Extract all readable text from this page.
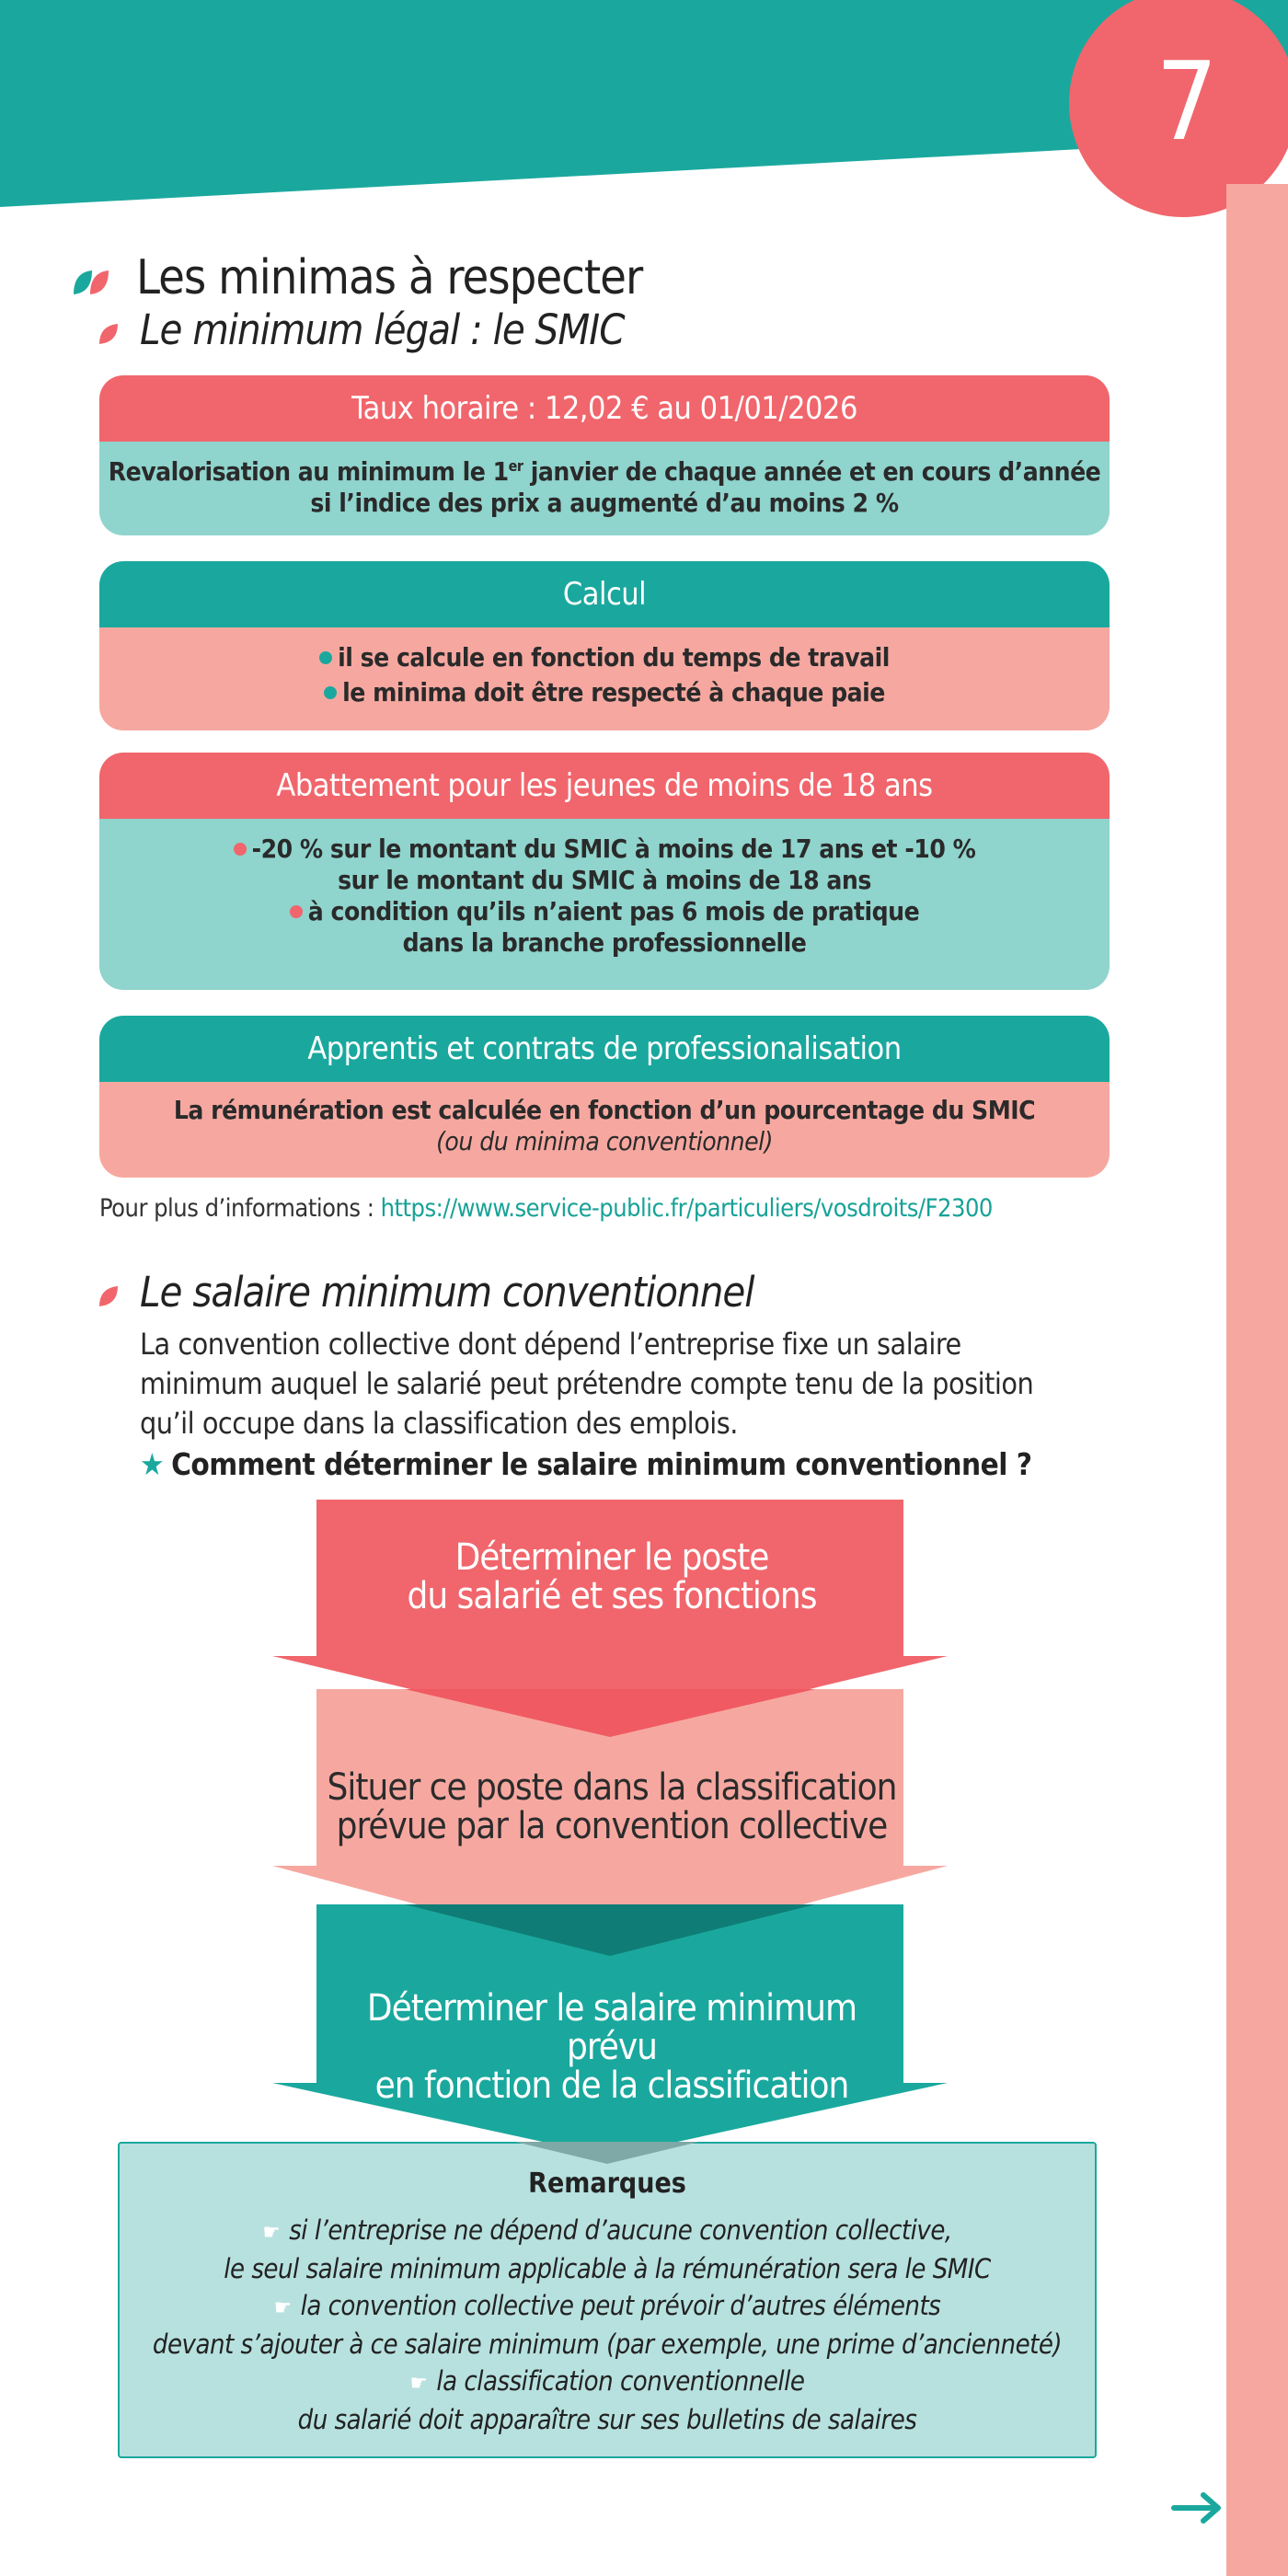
7
Les minimas à respecter
Le minimum légal : le SMIC
Taux horaire : 12,02 € au 01/01/2026
Revalorisation au minimum le 1er janvier de chaque année et en cours d’année
si l’indice des prix a augmenté d’au moins 2 %
Calcul
il se calcule en fonction du temps de travail
le minima doit être respecté à chaque paie
Abattement pour les jeunes de moins de 18 ans
-20 % sur le montant du SMIC à moins de 17 ans et -10 %
sur le montant du SMIC à moins de 18 ans
à condition qu’ils n’aient pas 6 mois de pratique
dans la branche professionnelle
Apprentis et contrats de professionalisation
La rémunération est calculée en fonction d’un pourcentage du SMIC
(ou du minima conventionnel)
Pour plus d’informations : https://www.service-public.fr/particuliers/vosdroits/F2300
Le salaire minimum conventionnel
La convention collective dont dépend l’entreprise fixe un salaire
minimum auquel le salarié peut prétendre compte tenu de la position
qu’il occupe dans la classification des emplois.
★ Comment déterminer le salaire minimum conventionnel ?
Déterminer le poste
du salarié et ses fonctions
Situer ce poste dans la classification
prévue par la convention collective
Déterminer le salaire minimum prévu
en fonction de la classification
Remarques
☛ si l’entreprise ne dépend d’aucune convention collective,
le seul salaire minimum applicable à la rémunération sera le SMIC
☛ la convention collective peut prévoir d’autres éléments
devant s’ajouter à ce salaire minimum (par exemple, une prime d’ancienneté)
☛ la classification conventionnelle
du salarié doit apparaître sur ses bulletins de salaires
